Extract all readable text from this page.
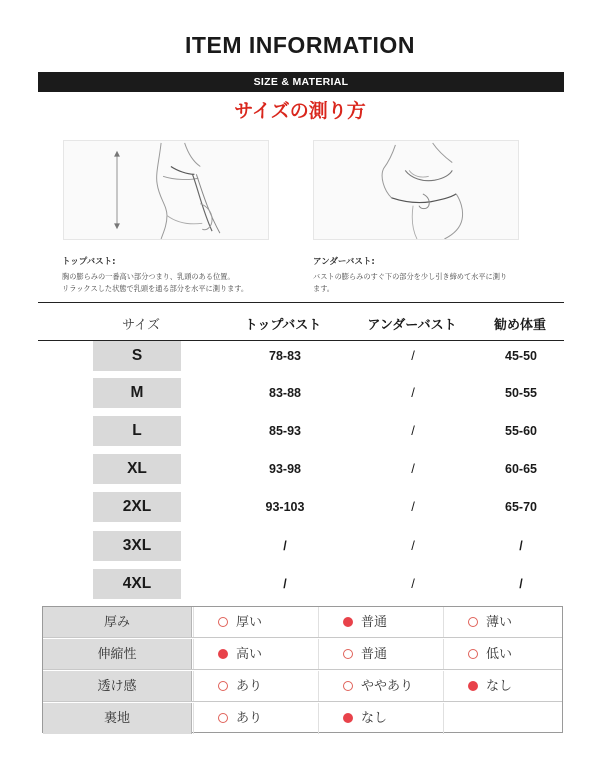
ITEM INFORMATION
SIZE & MATERIAL
サイズの測り方
トップバスト:
胸の膨らみの一番高い部分つまり、乳頭のある位置。
リラックスした状態で乳頭を通る部分を水平に測ります。
アンダーバスト:
バストの膨らみのすぐ下の部分を少し引き締めて水平に測り
ます。
サイズ	トップバスト	アンダーバスト	勧め体重
S	78-83	/	45-50
M	83-88	/	50-55
L	85-93	/	55-60
XL	93-98	/	60-65
2XL	93-103	/	65-70
3XL	/	/	/
4XL	/	/	/
厚み	厚い	普通	薄い
伸縮性	高い	普通	低い
透け感	あり	ややあり	なし
裏地	あり	なし
